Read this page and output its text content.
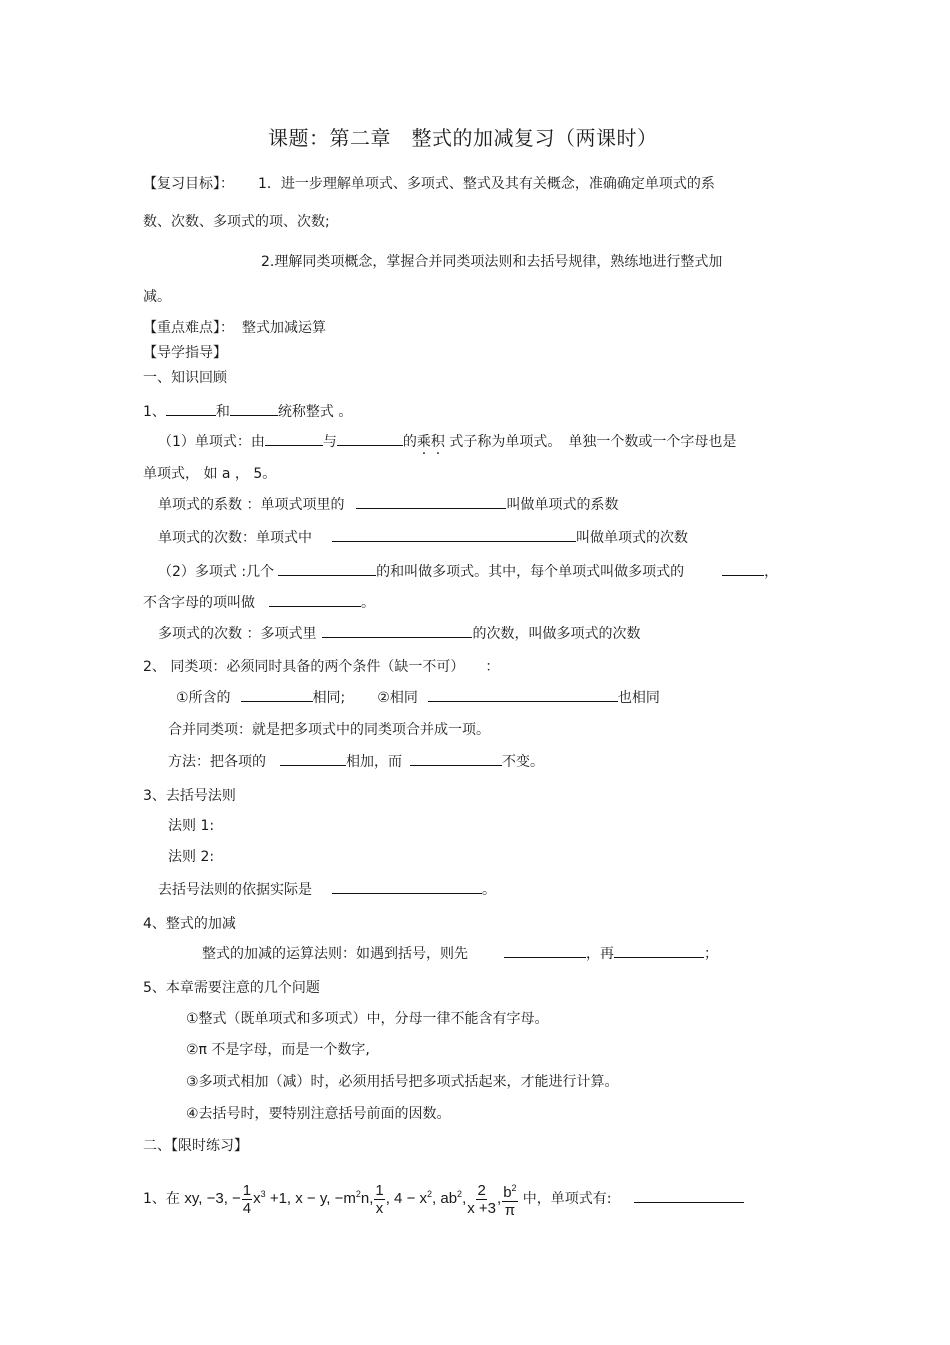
课题：第二章　整式的加减复习（两课时）
【复习目标】： 1．进一步理解单项式、多项式、整式及其有关概念，准确确定单项式的系
数、次数、多项式的项、次数;
2.理解同类项概念，掌握合并同类项法则和去括号规律，熟练地进行整式加
减。
【重点难点】： 整式加减运算
【导学指导】
一、知识回顾
1、	和	统称整式 。
（1）单项式：由	与	的乘积 式子称为单项式。　单独一个数或一个字母也是
单项式， 如 a ， 5。
单项式的系数 ：单项式项里的	叫做单项式的系数
单项式的次数：单项式中	叫做单项式的次数
（2）多项式 :几个	的和叫做多项式。其中，每个单项式叫做多项式的	，
不含字母的项叫做	。
多项式的次数 ：多项式里	的次数，叫做多项式的次数
2、 同类项：必须同时具备的两个条件（缺一不可）　　：
①所含的	相同; ②相同	也相同
合并同类项：就是把多项式中的同类项合并成一项。
方法：把各项的	相加，而	不变。
3、去括号法则
法则 1:
法则 2:
去括号法则的依据实际是	。
4、整式的加减
整式的加减的运算法则：如遇到括号，则先	，再	；
5、本章需要注意的几个问题
①整式（既单项式和多项式）中，分母一律不能含有字母。
②π 不是字母，而是一个数字,
③多项式相加（减）时，必须用括号把多项式括起来，才能进行计算。
④去括号时，要特别注意括号前面的因数。
二、【限时练习】
1、在 xy, −3, − $\frac{1}{4} x^3 +1$, x − y, $-m^2n$, $\frac{1}{x}$ , $4 - x^2$, $ab^2$, $\frac{2}{x +3}$ , $\frac{b^2}{\pi}$ 中，单项式有:
